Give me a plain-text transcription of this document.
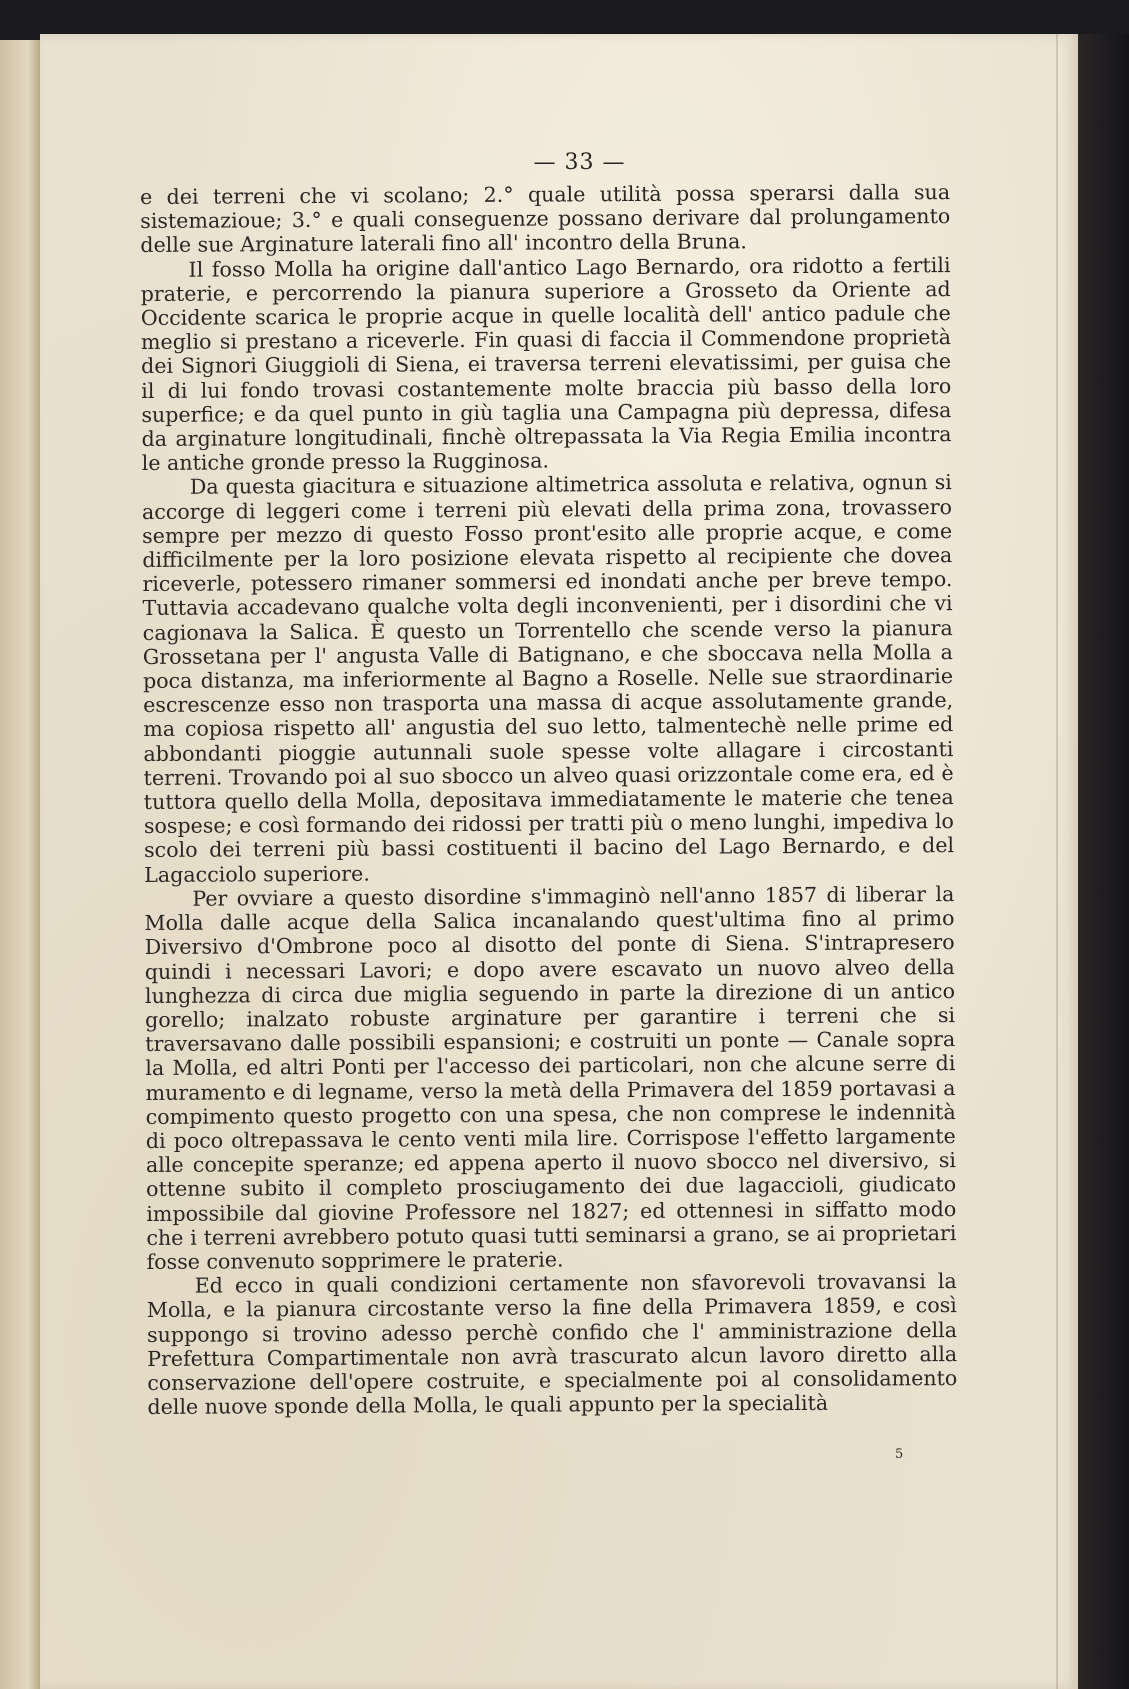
— 33 —

e dei terreni che vi scolano; 2.° quale utilità possa sperarsi dalla sua sistemazioue; 3.° e quali conseguenze possano derivare dal prolungamento delle sue Arginature laterali fino all' incontro della Bruna.

Il fosso Molla ha origine dall'antico Lago Bernardo, ora ridotto a fertili praterie, e percorrendo la pianura superiore a Grosseto da Oriente ad Occidente scarica le proprie acque in quelle località dell' antico padule che meglio si prestano a riceverle. Fin quasi di faccia il Commendone proprietà dei Signori Giuggioli di Siena, ei traversa terreni elevatissimi, per guisa che il di lui fondo trovasi costantemente molte braccia più basso della loro superfice; e da quel punto in giù taglia una Campagna più depressa, difesa da arginature longitudinali, finchè oltrepassata la Via Regia Emilia incontra le antiche gronde presso la Rugginosa.

Da questa giacitura e situazione altimetrica assoluta e relativa, ognun si accorge di leggeri come i terreni più elevati della prima zona, trovassero sempre per mezzo di questo Fosso pront'esito alle proprie acque, e come difficilmente per la loro posizione elevata rispetto al recipiente che dovea riceverle, potessero rimaner sommersi ed inondati anche per breve tempo. Tuttavia accadevano qualche volta degli inconvenienti, per i disordini che vi cagionava la Salica. È questo un Torrentello che scende verso la pianura Grossetana per l' angusta Valle di Batignano, e che sboccava nella Molla a poca distanza, ma inferiormente al Bagno a Roselle. Nelle sue straordinarie escrescenze esso non trasporta una massa di acque assolutamente grande, ma copiosa rispetto all' angustia del suo letto, talmentechè nelle prime ed abbondanti pioggie autunnali suole spesse volte allagare i circostanti terreni. Trovando poi al suo sbocco un alveo quasi orizzontale come era, ed è tuttora quello della Molla, depositava immediatamente le materie che tenea sospese; e così formando dei ridossi per tratti più o meno lunghi, impediva lo scolo dei terreni più bassi costituenti il bacino del Lago Bernardo, e del Lagacciolo superiore.

Per ovviare a questo disordine s'immaginò nell'anno 1857 di liberar la Molla dalle acque della Salica incanalando quest'ultima fino al primo Diversivo d'Ombrone poco al disotto del ponte di Siena. S'intrapresero quindi i necessari Lavori; e dopo avere escavato un nuovo alveo della lunghezza di circa due miglia seguendo in parte la direzione di un antico gorello; inalzato robuste arginature per garantire i terreni che si traversavano dalle possibili espansioni; e costruiti un ponte — Canale sopra la Molla, ed altri Ponti per l'accesso dei particolari, non che alcune serre di muramento e di legname, verso la metà della Primavera del 1859 portavasi a compimento questo progetto con una spesa, che non comprese le indennità di poco oltrepassava le cento venti mila lire. Corrispose l'effetto largamente alle concepite speranze; ed appena aperto il nuovo sbocco nel diversivo, si ottenne subito il completo prosciugamento dei due lagaccioli, giudicato impossibile dal giovine Professore nel 1827; ed ottennesi in siffatto modo che i terreni avrebbero potuto quasi tutti seminarsi a grano, se ai proprietari fosse convenuto sopprimere le praterie.

Ed ecco in quali condizioni certamente non sfavorevoli trovavansi la Molla, e la pianura circostante verso la fine della Primavera 1859, e così suppongo si trovino adesso perchè confido che l' amministrazione della Prefettura Compartimentale non avrà trascurato alcun lavoro diretto alla conservazione dell'opere costruite, e specialmente poi al consolidamento delle nuove sponde della Molla, le quali appunto per la specialità

5
